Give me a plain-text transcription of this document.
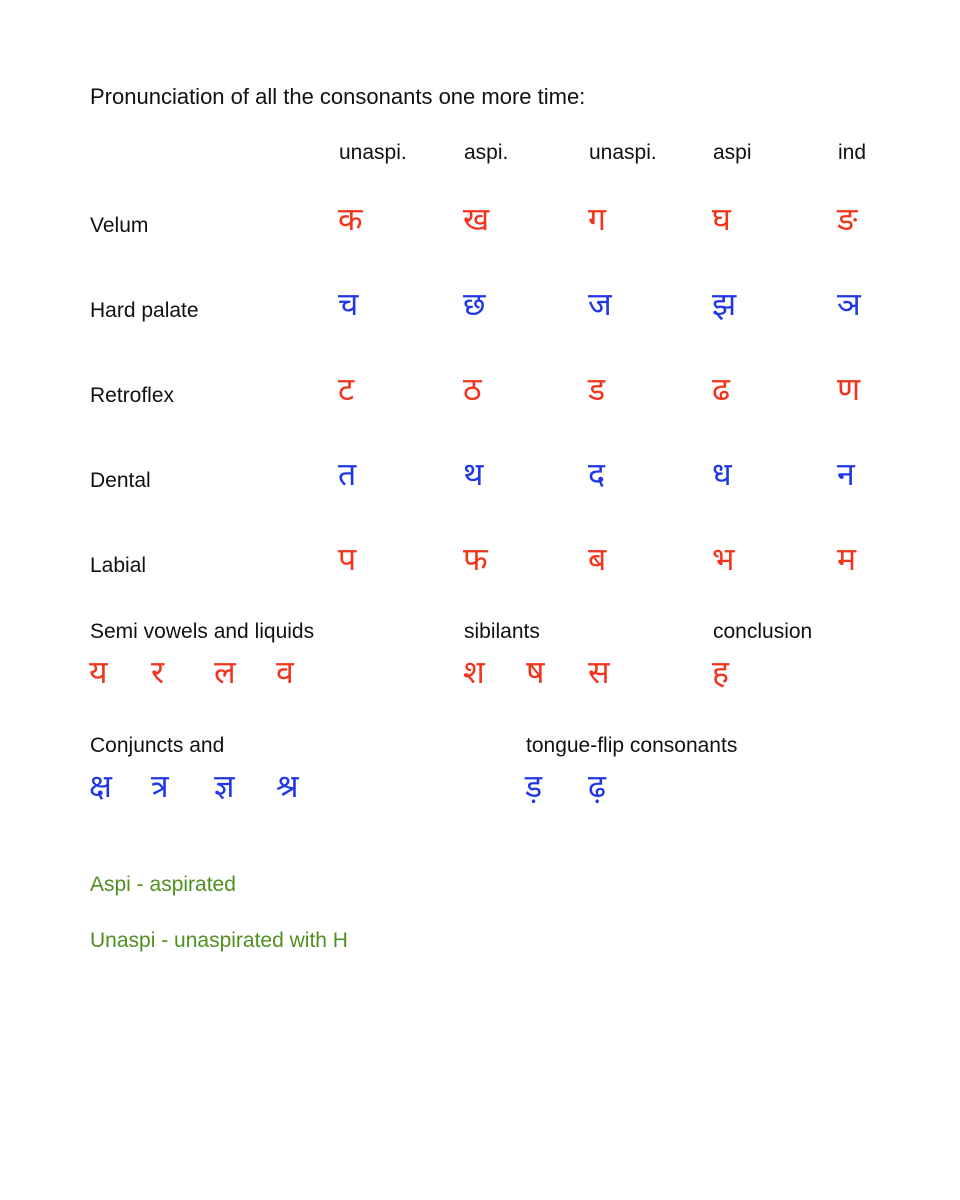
Pronunciation of all the consonants one more time:
unaspi.	aspi.	unaspi.	aspi	ind
Velum	क	ख	ग	घ	ङ
Hard palate	च	छ	ज	झ	ञ
Retroflex	ट	ठ	ड	ढ	ण
Dental	त	थ	द	ध	न
Labial	प	फ	ब	भ	म
Semi vowels and liquids	sibilants	conclusion
य र ल व	श ष स	ह
Conjuncts and	tongue-flip consonants
क्ष त्र ज्ञ श्र	ड़ ढ़
Aspi - aspirated
Unaspi - unaspirated with H
